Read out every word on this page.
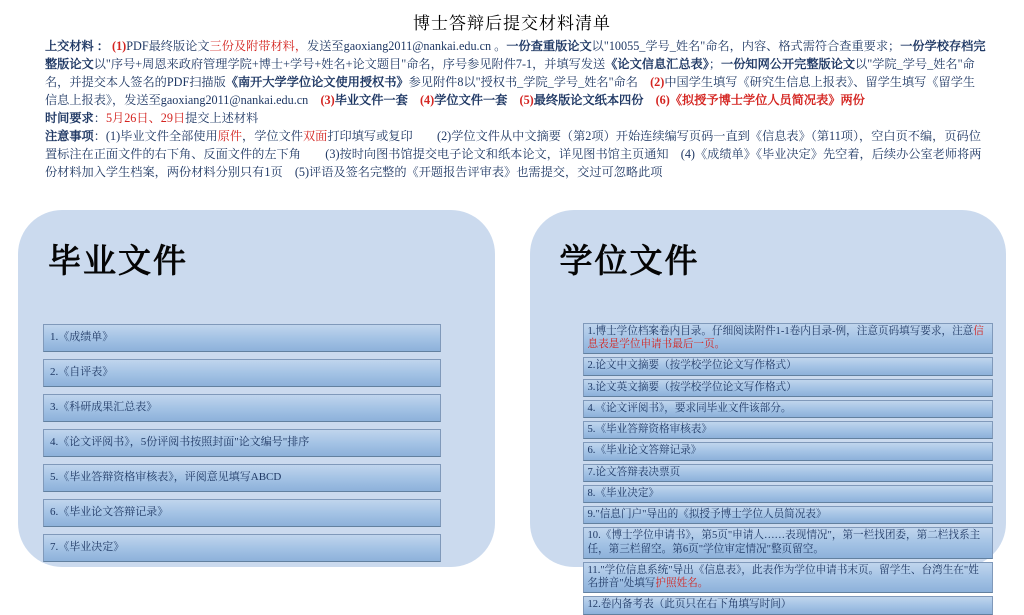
博士答辩后提交材料清单

上交材料 ： (1)PDF最终版论文三份及附带材料，发送至gaoxiang2011@nankai.edu.cn 。一份查重版论文以"10055_学号_姓名"命名，内容、格式需符合查重要求；一份学校存档完整版论文以"序号+周恩来政府管理学院+博士+学号+姓名+论文题目"命名，序号参见附件7-1，并填写发送《论文信息汇总表》；一份知网公开完整版论文以"学院_学号_姓名"命名，并提交本人签名的PDF扫描版《南开大学学位论文使用授权书》参见附件8以"授权书_学院_学号_姓名"命名　(2)中国学生填写《研究生信息上报表》、留学生填写《留学生信息上报表》，发送至gaoxiang2011@nankai.edu.cn　(3)毕业文件一套　(4)学位文件一套　(5)最终版论文纸本四份　(6)《拟授予博士学位人员简况表》两份

时间要求：5月26日、29日提交上述材料

注意事项：(1)毕业文件全部使用原件，学位文件双面打印填写或复印　　(2)学位文件从中文摘要（第2项）开始连续编写页码一直到《信息表》（第11项），空白页不编，页码位置标注在正面文件的右下角、反面文件的左下角　　(3)按时向图书馆提交电子论文和纸本论文，详见图书馆主页通知　(4)《成绩单》《毕业决定》先空着，后续办公室老师将两份材料加入学生档案，两份材料分别只有1页　(5)评语及签名完整的《开题报告评审表》也需提交，交过可忽略此项

毕业文件
1.《成绩单》
2.《自评表》
3.《科研成果汇总表》
4.《论文评阅书》，5份评阅书按照封面"论文编号"排序
5.《毕业答辩资格审核表》，评阅意见填写ABCD
6.《毕业论文答辩记录》
7.《毕业决定》
学位文件
1.博士学位档案卷内目录。仔细阅读附件1-1卷内目录-例，注意页码填写要求，注意信息表是学位申请书最后一页。
2.论文中文摘要（按学校学位论文写作格式）
3.论文英文摘要（按学校学位论文写作格式）
4.《论文评阅书》，要求同毕业文件该部分。
5.《毕业答辩资格审核表》
6.《毕业论文答辩记录》
7.论文答辩表决票页
8.《毕业决定》
9."信息门户"导出的《拟授予博士学位人员简况表》
10.《博士学位申请书》，第5页"申请人……表现情况"，第一栏找团委，第二栏找系主任，第三栏留空。第6页"学位审定情况"整页留空。
11."学位信息系统"导出《信息表》，此表作为学位申请书末页。留学生、台湾生在"姓名拼音"处填写护照姓名。
12.卷内备考表（此页只在右下角填写时间）
